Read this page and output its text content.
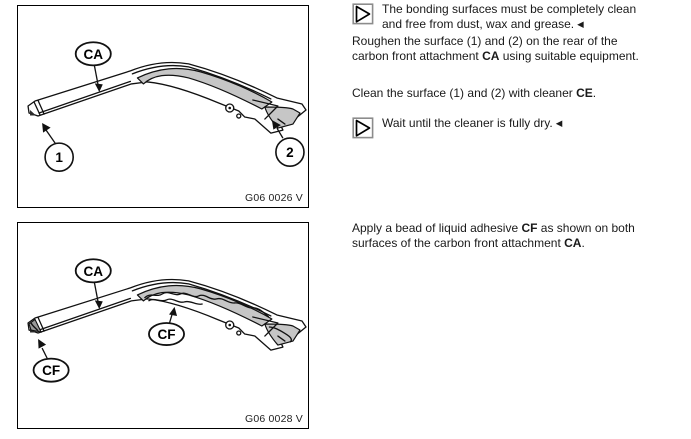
CA
1	2
G06 0026 V
CA
CF
CF
G06 0028 V
The bonding surfaces must be completely clean and free from dust, wax and grease. ◀

Roughen the surface (1) and (2) on the rear of the carbon front attachment CA using suitable equipment.

Clean the surface (1) and (2) with cleaner CE.

Wait until the cleaner is fully dry. ◀

Apply a bead of liquid adhesive CF as shown on both surfaces of the carbon front attachment CA.
